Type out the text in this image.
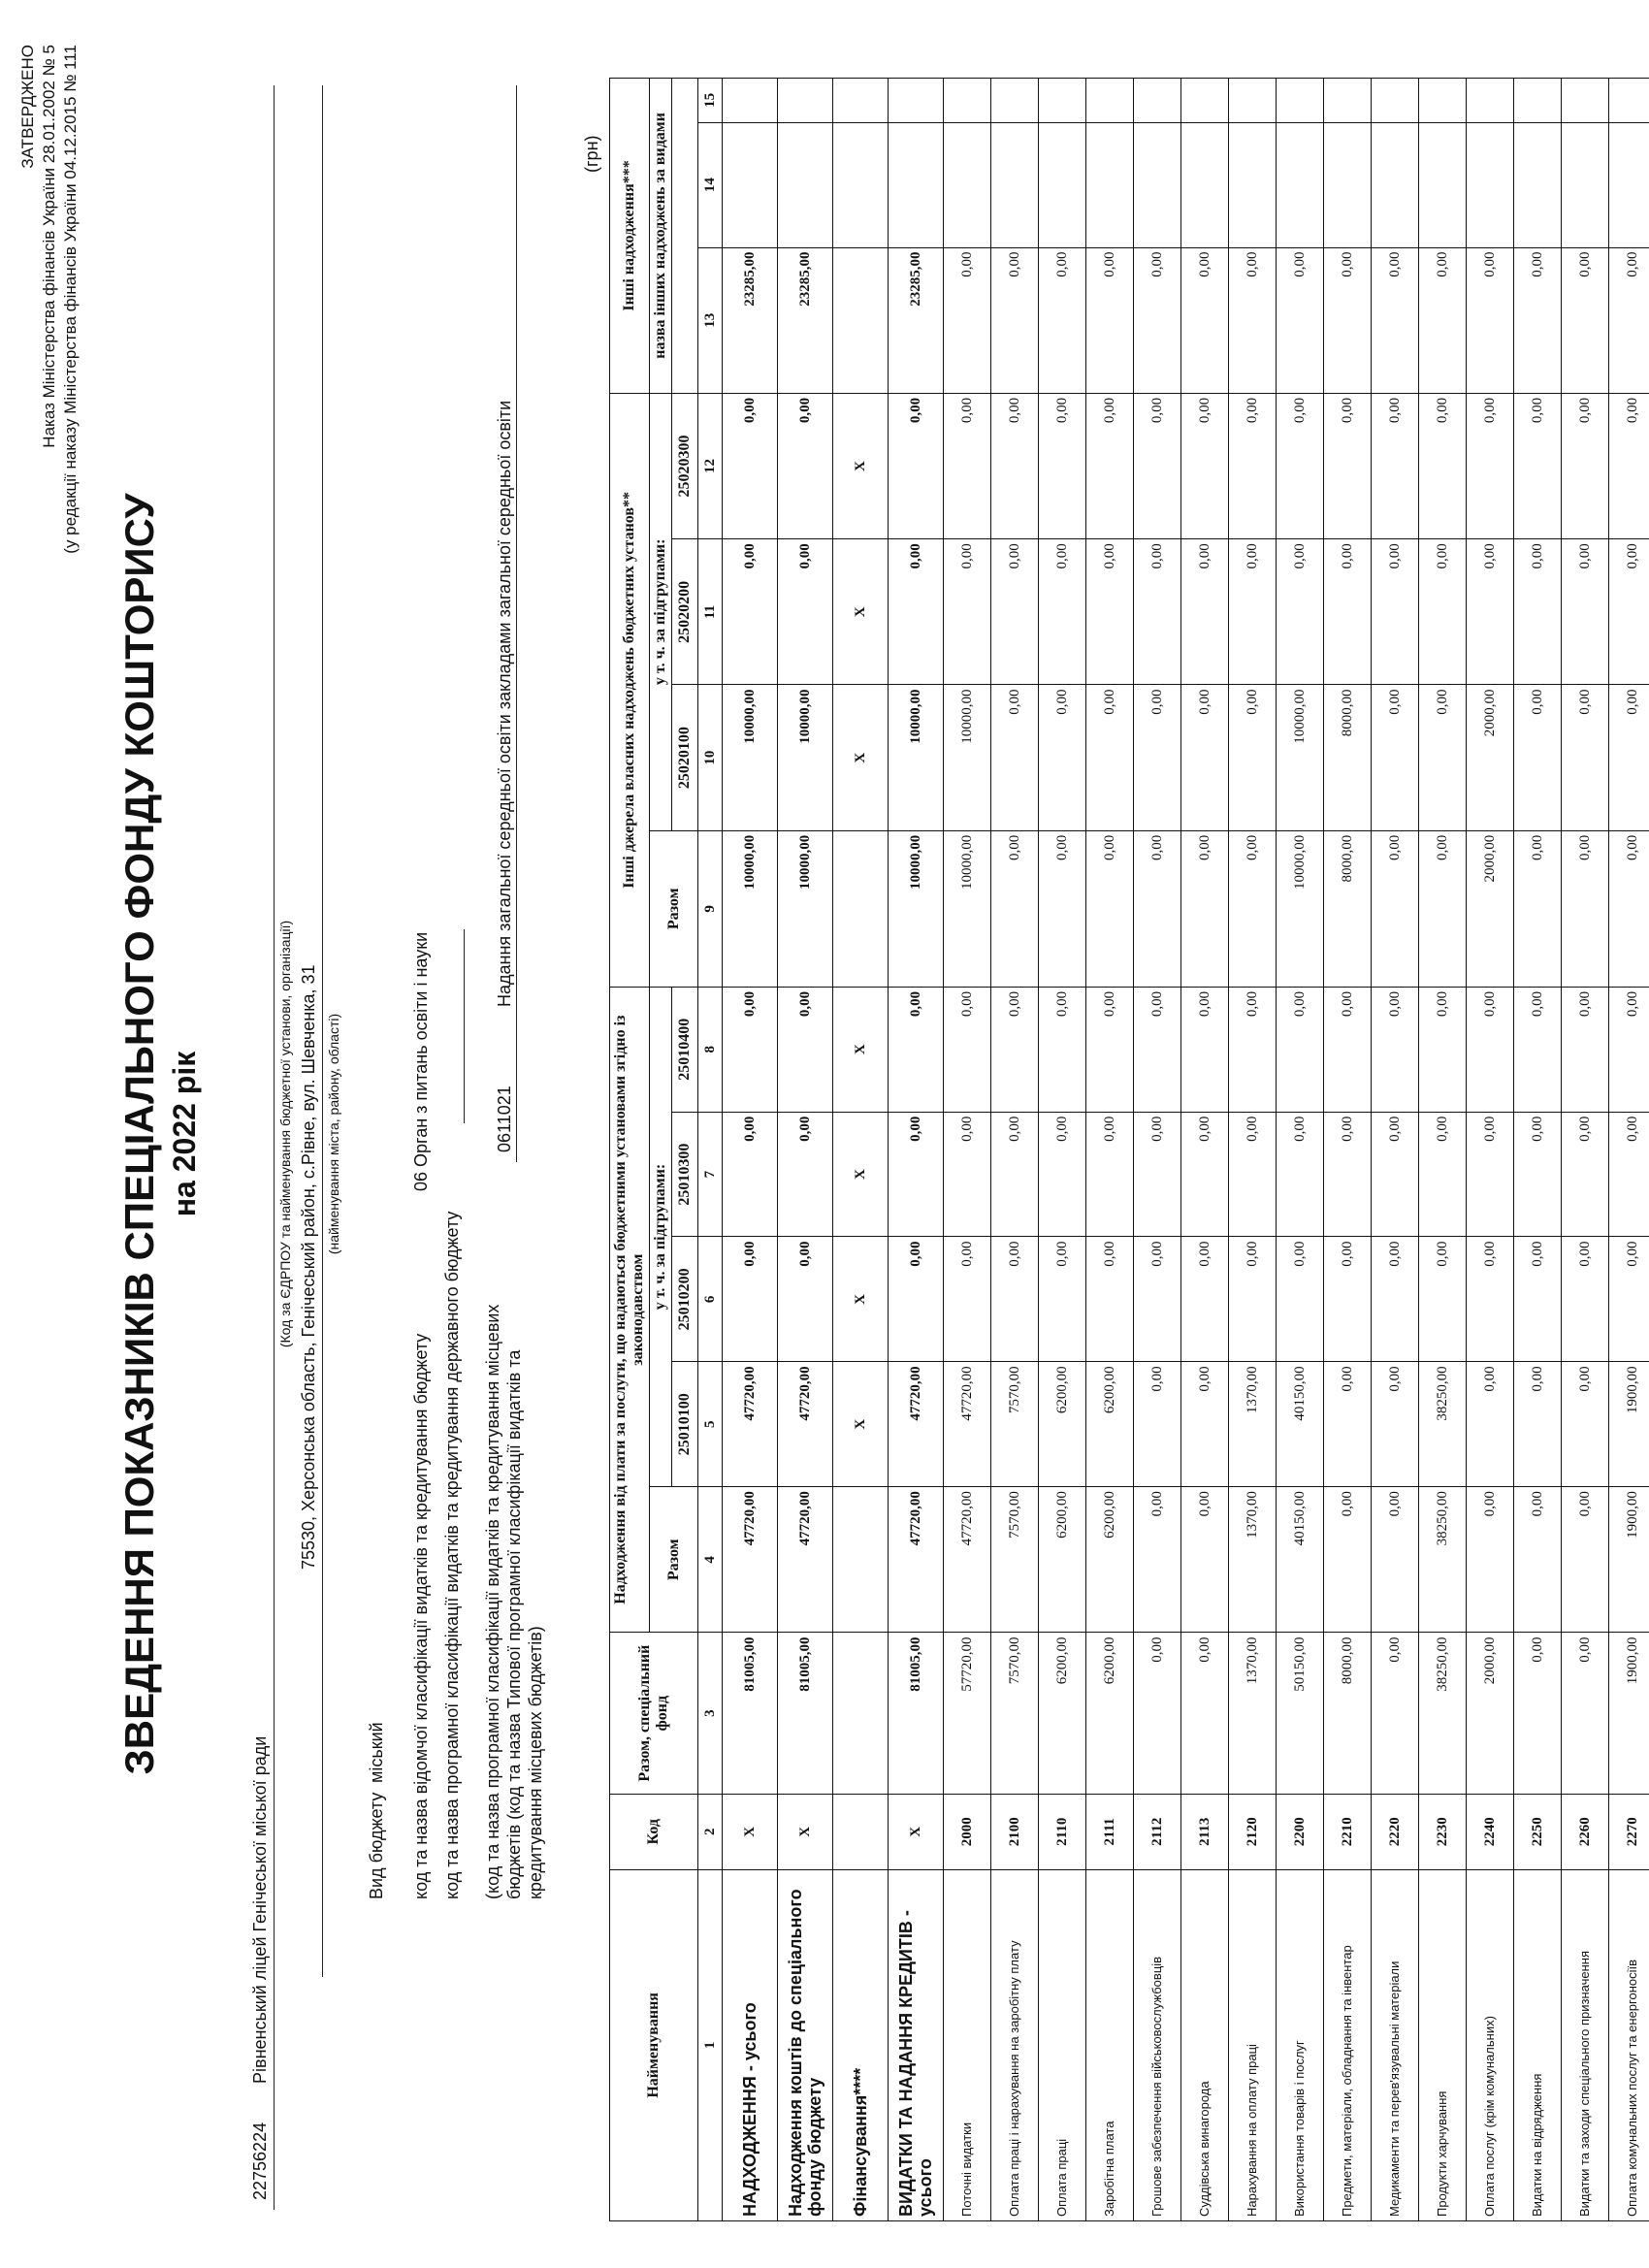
ЗАТВЕРДЖЕНО Наказ Міністерства фінансів України 28.01.2002 № 5 (у редакції наказу Міністерства фінансів України 04.12.2015 № 111
ЗВЕДЕННЯ ПОКАЗНИКІВ СПЕЦІАЛЬНОГО ФОНДУ КОШТОРИСУ на 2022 рік
22756224
Рівненський ліцей Генічеської міської ради
(Код за ЄДРПОУ та найменування бюджетної установи, організації) 75530, Херсонська область, Генічеський район, с.Рівне, вул. Шевченка, 31 (найменування міста, району, області)
Вид бюджету
міський код та назва відомчої класифікації видатків та кредитування бюджету
06 Орган з питань освіти і науки
код та назва програмної класифікації видатків та кредитування державного бюджету (код та назва програмної класифікації видатків та кредитування місцевих бюджетів (код та назва Типової програмної класифікації видатків та кредитування місцевих бюджетів)
0611021
Надання загальної середньої освіти закладами загальної середньої освіти
(грн)
Найменування	Код	Разом, спеціальний фонд	Надходження від плати за послуги, що надаються бюджетними установами згідно із законодавством					Інші джерела власних надходжень бюджетних установ**				Інші надходження***		
			Разом	у т. ч. за підгрупами:				Разом	у т. ч. за підгрупами:			назва інших надходжень за видами		
				25010100	25010200	25010300	25010400		25020100	25020200	25020300			
1	2	3	4	5	6	7	8	9	10	11	12	13	14	15
НАДХОДЖЕННЯ - усього	Х	81005,00	47720,00	47720,00	0,00	0,00	0,00	10000,00	10000,00	0,00	0,00	23285,00		
Надходження коштів до спеціального фонду бюджету	Х	81005,00	47720,00	47720,00	0,00	0,00	0,00	10000,00	10000,00	0,00	0,00	23285,00		
Фінансування****				Х	Х	Х	Х		Х	Х	Х			
ВИДАТКИ ТА НАДАННЯ КРЕДИТІВ - усього	Х	81005,00	47720,00	47720,00	0,00	0,00	0,00	10000,00	10000,00	0,00	0,00	23285,00		
Поточні видатки	2000	57720,00	47720,00	47720,00	0,00	0,00	0,00	10000,00	10000,00	0,00	0,00	0,00		
Оплата праці і нарахування на заробітну плату	2100	7570,00	7570,00	7570,00	0,00	0,00	0,00	0,00	0,00	0,00	0,00	0,00		
Оплата праці	2110	6200,00	6200,00	6200,00	0,00	0,00	0,00	0,00	0,00	0,00	0,00	0,00		
Заробітна плата	2111	6200,00	6200,00	6200,00	0,00	0,00	0,00	0,00	0,00	0,00	0,00	0,00		
Грошове забезпечення військовослужбовців	2112	0,00	0,00	0,00	0,00	0,00	0,00	0,00	0,00	0,00	0,00	0,00		
Суддівська винагорода	2113	0,00	0,00	0,00	0,00	0,00	0,00	0,00	0,00	0,00	0,00	0,00		
Нарахування на оплату праці	2120	1370,00	1370,00	1370,00	0,00	0,00	0,00	0,00	0,00	0,00	0,00	0,00		
Використання товарів і послуг	2200	50150,00	40150,00	40150,00	0,00	0,00	0,00	10000,00	10000,00	0,00	0,00	0,00		
Предмети, матеріали, обладнання та інвентар	2210	8000,00	0,00	0,00	0,00	0,00	0,00	8000,00	8000,00	0,00	0,00	0,00		
Медикаменти та перев'язувальні матеріали	2220	0,00	0,00	0,00	0,00	0,00	0,00	0,00	0,00	0,00	0,00	0,00		
Продукти харчування	2230	38250,00	38250,00	38250,00	0,00	0,00	0,00	0,00	0,00	0,00	0,00	0,00		
Оплата послуг (крім комунальних)	2240	2000,00	0,00	0,00	0,00	0,00	0,00	2000,00	2000,00	0,00	0,00	0,00		
Видатки на відрядження	2250	0,00	0,00	0,00	0,00	0,00	0,00	0,00	0,00	0,00	0,00	0,00		
Видатки та заходи спеціального призначення	2260	0,00	0,00	0,00	0,00	0,00	0,00	0,00	0,00	0,00	0,00	0,00		
Оплата комунальних послуг та енергоносіїв	2270	1900,00	1900,00	1900,00	0,00	0,00	0,00	0,00	0,00	0,00	0,00	0,00		
